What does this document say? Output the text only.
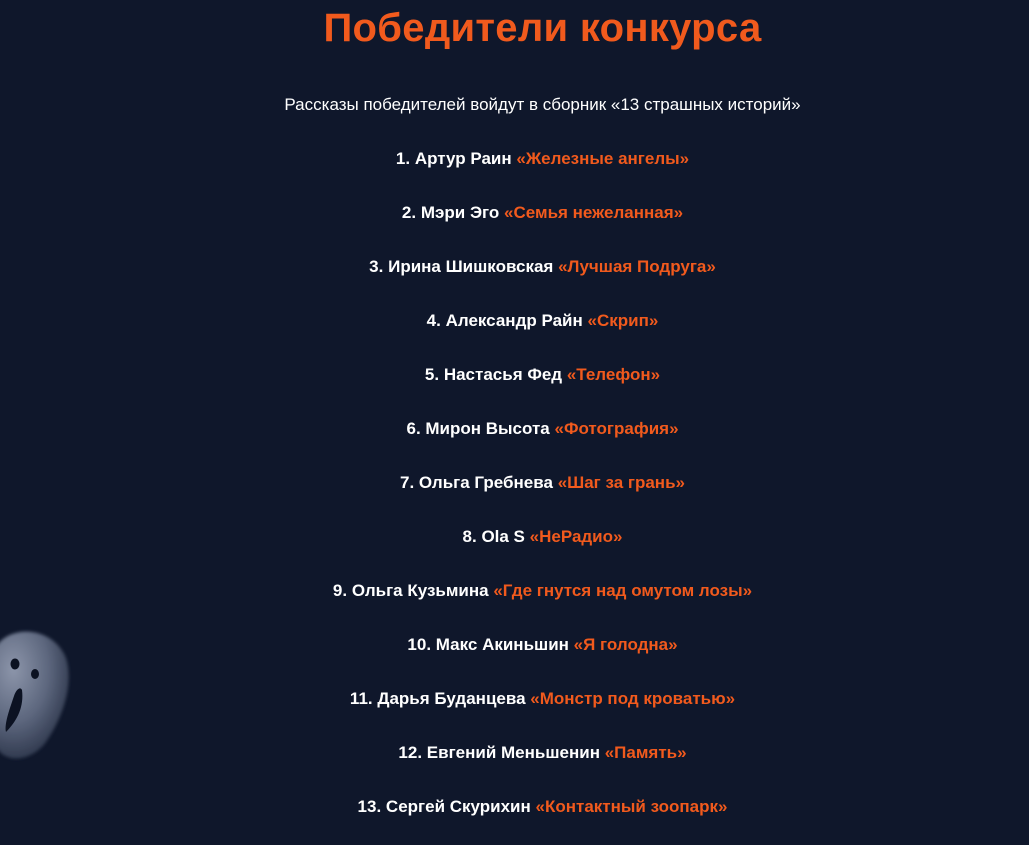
Победители конкурса

Рассказы победителей войдут в сборник «13 страшных историй»

1 . Артур Раин «Железные ангелы»
2 . Мэри Эго «Семья нежеланная»
3 . Ирина Шишковская «Лучшая Подруга»
4 . Александр Райн «Скрип»
5 . Настасья Фед «Телефон»
6 . Мирон Высота «Фотография»
7 . Ольга Гребнева «Шаг за грань»
8 . Ola S «НеРадио»
9 . Ольга Кузьмина «Где гнутся над омутом лозы»
10 . Макс Акиньшин «Я голодна»
11 . Дарья Буданцева «Монстр под кроватью»
12 . Евгений Меньшенин «Память»
13 . Сергей Скурихин «Контактный зоопарк»
